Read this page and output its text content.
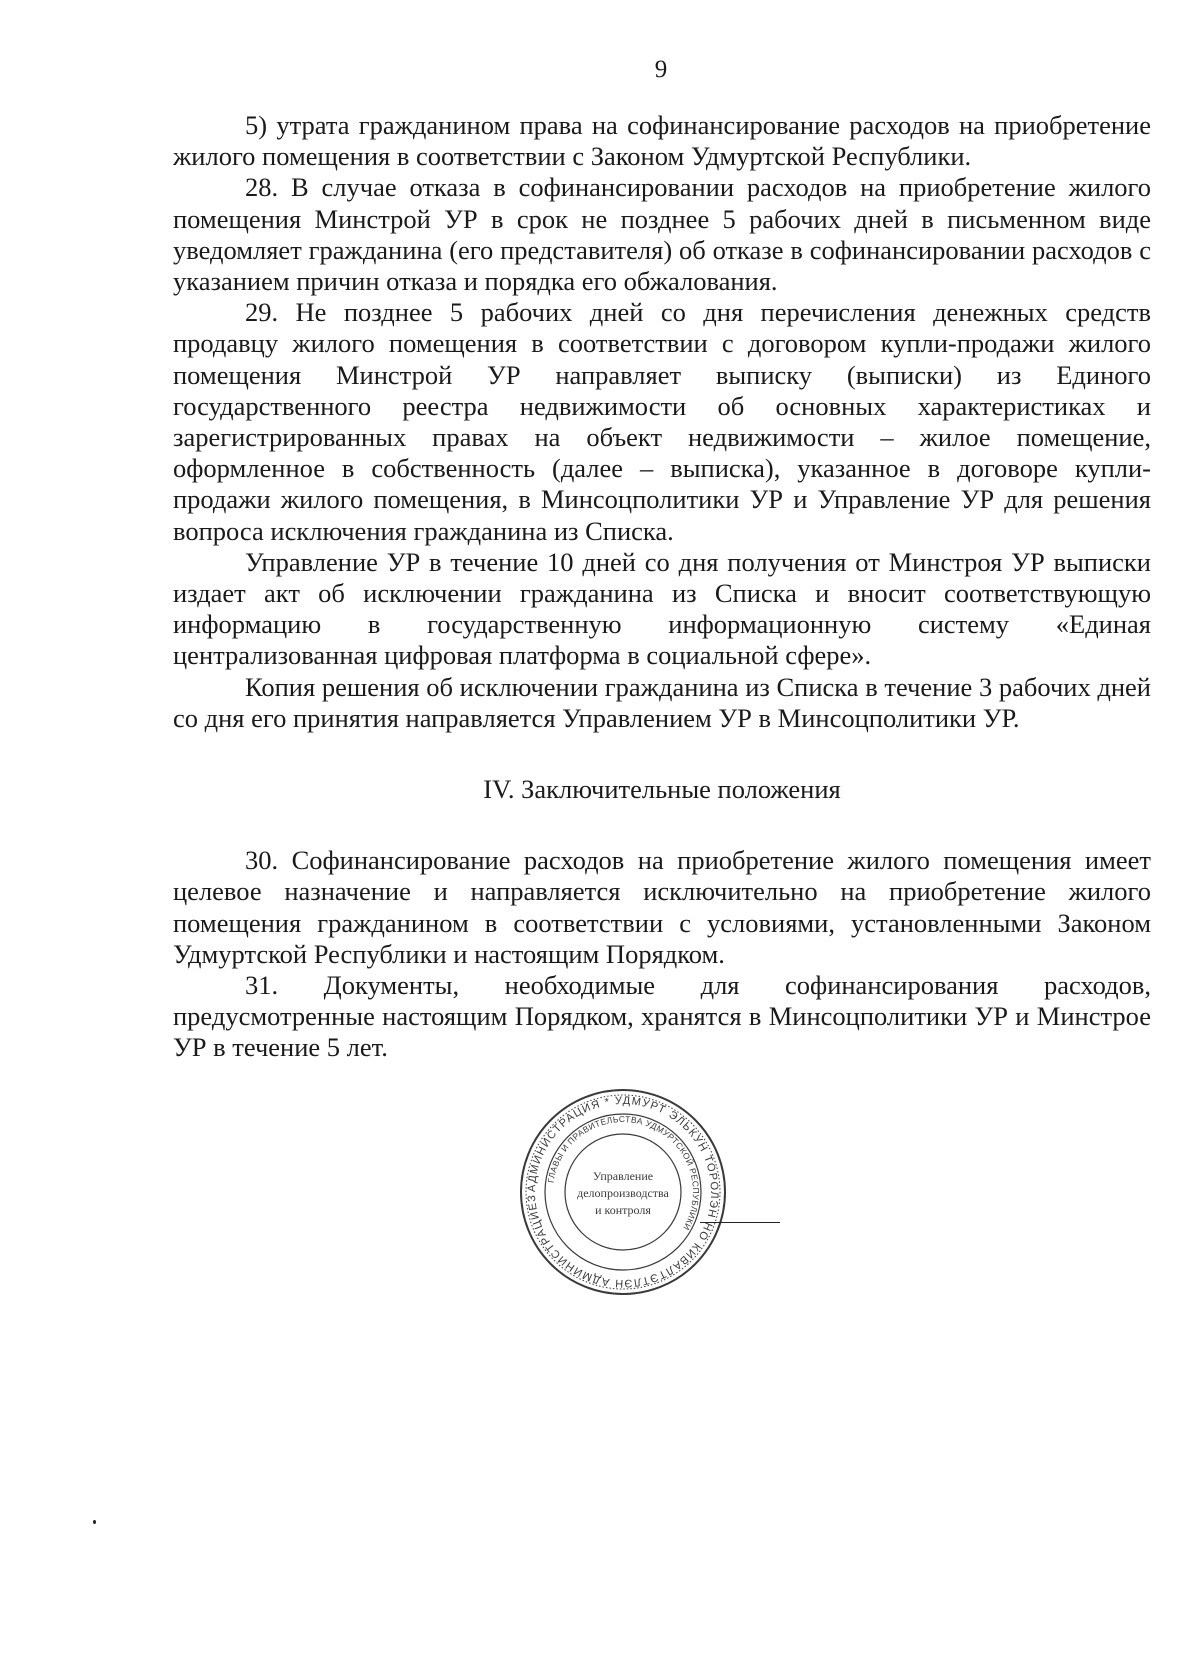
9

5) утрата гражданином права на софинансирование расходов на приобретение жилого помещения в соответствии с Законом Удмуртской Республики.

28. В случае отказа в софинансировании расходов на приобретение жилого помещения Минстрой УР в срок не позднее 5 рабочих дней в письменном виде уведомляет гражданина (его представителя) об отказе в софинансировании расходов с указанием причин отказа и порядка его обжалования.

29. Не позднее 5 рабочих дней со дня перечисления денежных средств продавцу жилого помещения в соответствии с договором купли-продажи жилого помещения Минстрой УР направляет выписку (выписки) из Единого государственного реестра недвижимости об основных характеристиках и зарегистрированных правах на объект недвижимости – жилое помещение, оформленное в собственность (далее – выписка), указанное в договоре купли-продажи жилого помещения, в Минсоцполитики УР и Управление УР для решения вопроса исключения гражданина из Списка.

Управление УР в течение 10 дней со дня получения от Минстроя УР выписки издает акт об исключении гражданина из Списка и вносит соответствующую информацию в государственную информационную систему «Единая централизованная цифровая платформа в социальной сфере».

Копия решения об исключении гражданина из Списка в течение 3 рабочих дней со дня его принятия направляется Управлением УР в Минсоцполитики УР.

IV. Заключительные положения

30. Софинансирование расходов на приобретение жилого помещения имеет целевое назначение и направляется исключительно на приобретение жилого помещения гражданином в соответствии с условиями, установленными Законом Удмуртской Республики и настоящим Порядком.

31. Документы, необходимые для софинансирования расходов, предусмотренные настоящим Порядком, хранятся в Минсоцполитики УР и Минстрое УР в течение 5 лет.

АДМИНИСТРАЦИЯ * УДМУРТ ЭЛЬКУН ТОРОЛЭН НО КИВАЛТЭТЛЭН АДМИНИСТРАЦИЕЗ
ГЛАВЫ И ПРАВИТЕЛЬСТВА УДМУРТСКОЙ РЕСПУБЛИКИ
Управление
делопроизводства
и контроля
